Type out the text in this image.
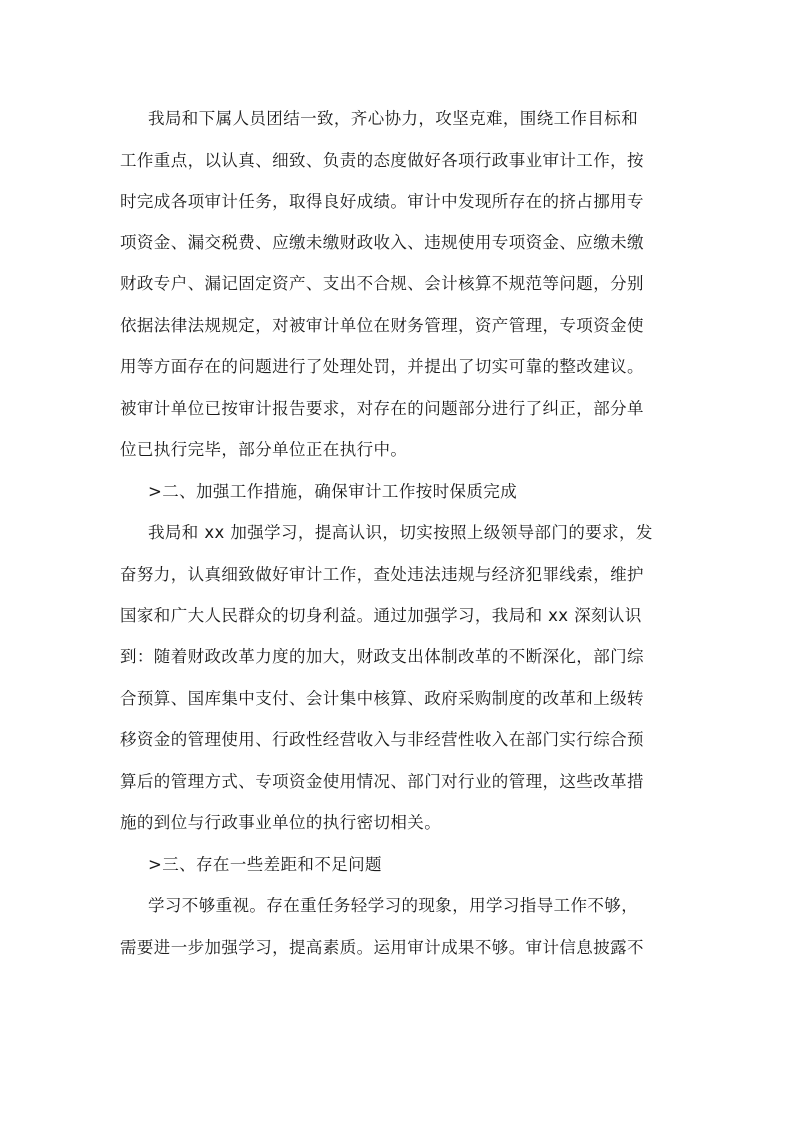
我局和下属人员团结一致，齐心协力，攻坚克难，围绕工作目标和
工作重点，以认真、细致、负责的态度做好各项行政事业审计工作，按
时完成各项审计任务，取得良好成绩。审计中发现所存在的挤占挪用专
项资金、漏交税费、应缴未缴财政收入、违规使用专项资金、应缴未缴
财政专户、漏记固定资产、支出不合规、会计核算不规范等问题，分别
依据法律法规规定，对被审计单位在财务管理，资产管理，专项资金使
用等方面存在的问题进行了处理处罚，并提出了切实可靠的整改建议。
被审计单位已按审计报告要求，对存在的问题部分进行了纠正，部分单
位已执行完毕，部分单位正在执行中。
>二、加强工作措施，确保审计工作按时保质完成
我局和 xx 加强学习，提高认识，切实按照上级领导部门的要求，发
奋努力，认真细致做好审计工作，查处违法违规与经济犯罪线索，维护
国家和广大人民群众的切身利益。通过加强学习，我局和 xx 深刻认识
到：随着财政改革力度的加大，财政支出体制改革的不断深化，部门综
合预算、国库集中支付、会计集中核算、政府采购制度的改革和上级转
移资金的管理使用、行政性经营收入与非经营性收入在部门实行综合预
算后的管理方式、专项资金使用情况、部门对行业的管理，这些改革措
施的到位与行政事业单位的执行密切相关。
>三、存在一些差距和不足问题
学习不够重视。存在重任务轻学习的现象，用学习指导工作不够，
需要进一步加强学习，提高素质。运用审计成果不够。审计信息披露不
